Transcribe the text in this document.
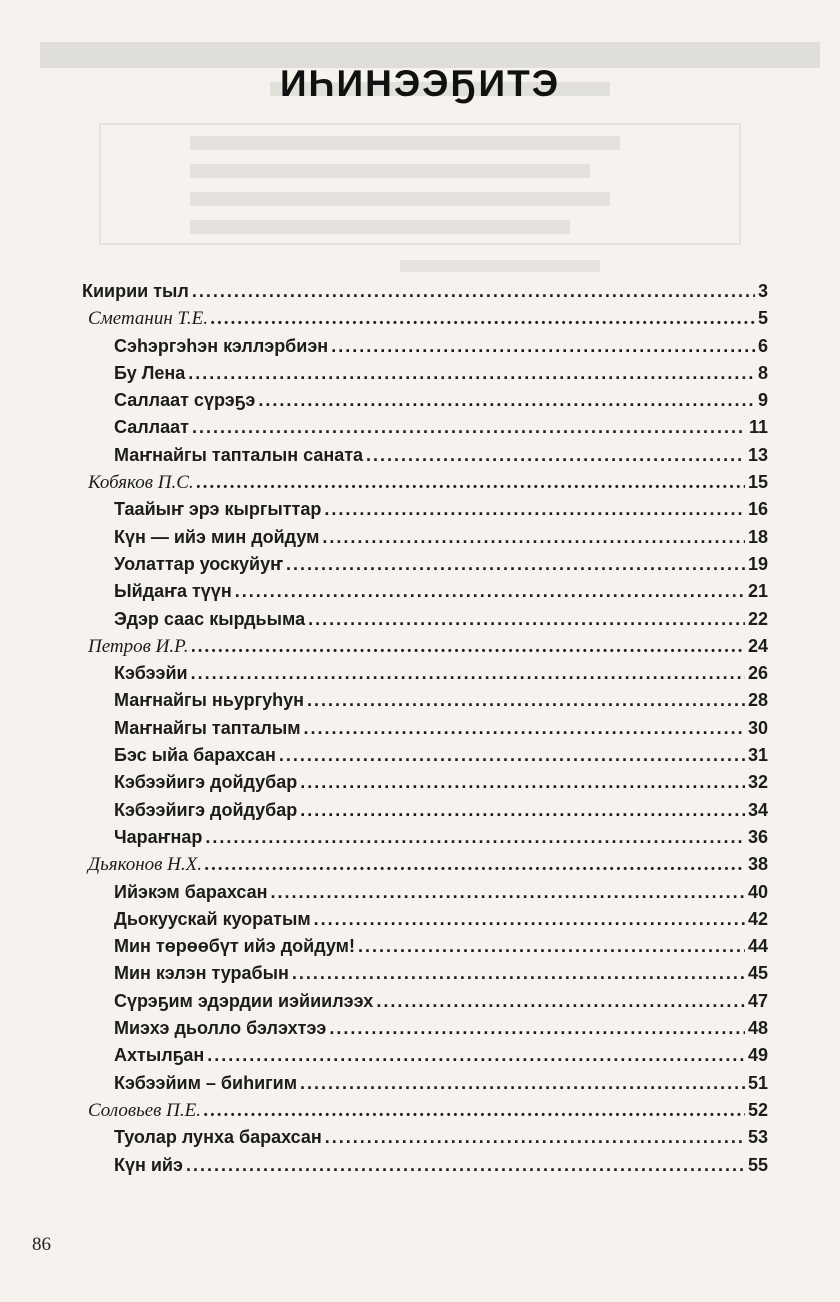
ИҺИНЭЭҔИТЭ
Киирии тыл .....	3
Сметанин Т.Е. .....	5
Сэһэргэһэн кэллэрбиэн .....	6
Бу Лена .....	8
Саллаат сүрэҕэ .....	9
Саллаат .....	11
Маҥнайгы тапталын саната .....	13
Кобяков П.С. .....	15
Таайыҥ эрэ кыргыттар .....	16
Күн — ийэ мин дойдум .....	18
Уолаттар уоскуйуҥ .....	19
Ыйдаҥа түүн .....	21
Эдэр саас кырдьыма .....	22
Петров И.Р. .....	24
Кэбээйи .....	26
Маҥнайгы ньургуһун .....	28
Маҥнайгы тапталым .....	30
Бэс ыйа барахсан .....	31
Кэбээйигэ дойдубар .....	32
Кэбээйигэ дойдубар .....	34
Чараҥнар .....	36
Дьяконов Н.Х. .....	38
Ийэкэм барахсан .....	40
Дьокуускай куоратым .....	42
Мин төрөөбүт ийэ дойдум! .....	44
Мин кэлэн турабын .....	45
Сүрэҕим эдэрдии иэйиилээх .....	47
Миэхэ дьолло бэлэхтээ .....	48
Ахтылҕан .....	49
Кэбээйим – биһигим .....	51
Соловьев П.Е. .....	52
Туолар лунха барахсан .....	53
Күн ийэ .....	55
86
